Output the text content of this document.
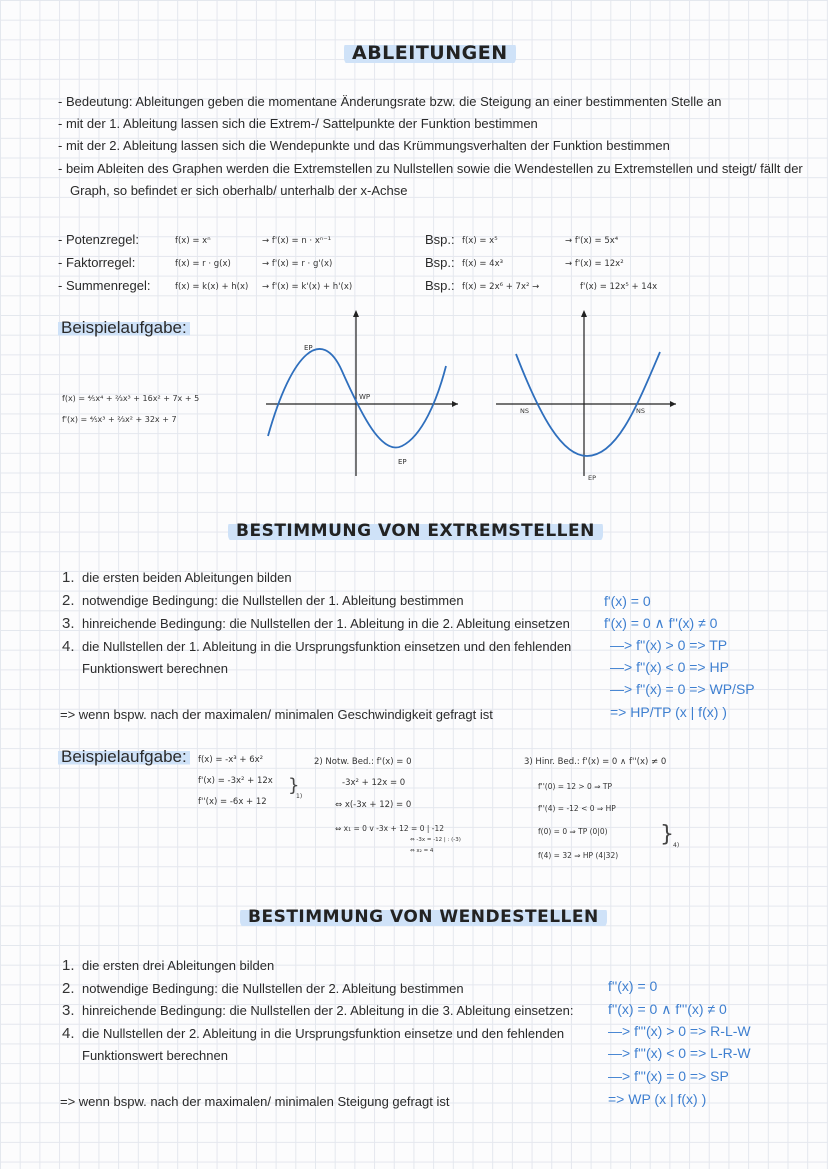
ABLEITUNGEN
- Bedeutung: Ableitungen geben die momentane Änderungsrate bzw. die Steigung an einer bestimmenten Stelle an
- mit der 1. Ableitung lassen sich die Extrem-/ Sattelpunkte der Funktion bestimmen
- mit der 2. Ableitung lassen sich die Wendepunkte und das Krümmungsverhalten der Funktion bestimmen
- beim Ableiten des Graphen werden die Extremstellen zu Nullstellen sowie die Wendestellen zu Extremstellen und steigt/ fällt der
Graph, so befindet er sich oberhalb/ unterhalb der x-Achse
- Potenzregel:	f(x) = xⁿ	→ f'(x) = n · xⁿ⁻¹	Bsp.: f(x) = x⁵	→ f'(x) = 5x⁴
- Faktorregel:	f(x) = r · g(x)	→ f'(x) = r · g'(x)	Bsp.: f(x) = 4x³	→ f'(x) = 12x²
- Summenregel:	f(x) = k(x) + h(x) → f'(x) = k'(x) + h'(x)	Bsp.: f(x) = 2x⁶ + 7x² →	f'(x) = 12x⁵ + 14x
Beispielaufgabe:
f(x) = ⁴⁄₅x⁴ + ²⁄₃x³ + 16x² + 7x + 5
f'(x) = ⁴⁄₅x³ + ²⁄₃x² + 32x + 7
EP
WP
EP
NS	NS
EP
BESTIMMUNG VON EXTREMSTELLEN
1. die ersten beiden Ableitungen bilden
2. notwendige Bedingung: die Nullstellen der 1. Ableitung bestimmen
3. hinreichende Bedingung: die Nullstellen der 1. Ableitung in die 2. Ableitung einsetzen
4. die Nullstellen der 1. Ableitung in die Ursprungsfunktion einsetzen und den fehlenden
Funktionswert berechnen
=> wenn bspw. nach der maximalen/ minimalen Geschwindigkeit gefragt ist
f'(x) = 0
f'(x) = 0 ∧ f''(x) ≠ 0
—> f''(x) > 0 => TP
—> f''(x) < 0 => HP
—> f''(x) = 0 => WP/SP
=> HP/TP (x | f(x) )
Beispielaufgabe:	f(x) = -x³ + 6x²
f'(x) = -3x² + 12x
f''(x) = -6x + 12
}
1)
2) Notw. Bed.: f'(x) = 0
-3x² + 12x = 0
⇔ x(-3x + 12) = 0
⇔ x₁ = 0 v -3x + 12 = 0 | -12
⇔ -3x = -12 | : (-3)
⇔ x₂ = 4
3) Hinr. Bed.: f'(x) = 0 ∧ f''(x) ≠ 0
f''(0) = 12 > 0 ⇒ TP
f''(4) = -12 < 0 ⇒ HP
f(0) = 0 ⇒ TP (0|0)
f(4) = 32 ⇒ HP (4|32)
} 4)
BESTIMMUNG VON WENDESTELLEN
1. die ersten drei Ableitungen bilden
2. notwendige Bedingung: die Nullstellen der 2. Ableitung bestimmen
3. hinreichende Bedingung: die Nullstellen der 2. Ableitung in die 3. Ableitung einsetzen:
4. die Nullstellen der 2. Ableitung in die Ursprungsfunktion einsetze und den fehlenden
Funktionswert berechnen
=> wenn bspw. nach der maximalen/ minimalen Steigung gefragt ist
f''(x) = 0
f''(x) = 0 ∧ f'''(x) ≠ 0
—> f'''(x) > 0 => R-L-W
—> f'''(x) < 0 => L-R-W
—> f'''(x) = 0 => SP
=> WP (x | f(x) )
